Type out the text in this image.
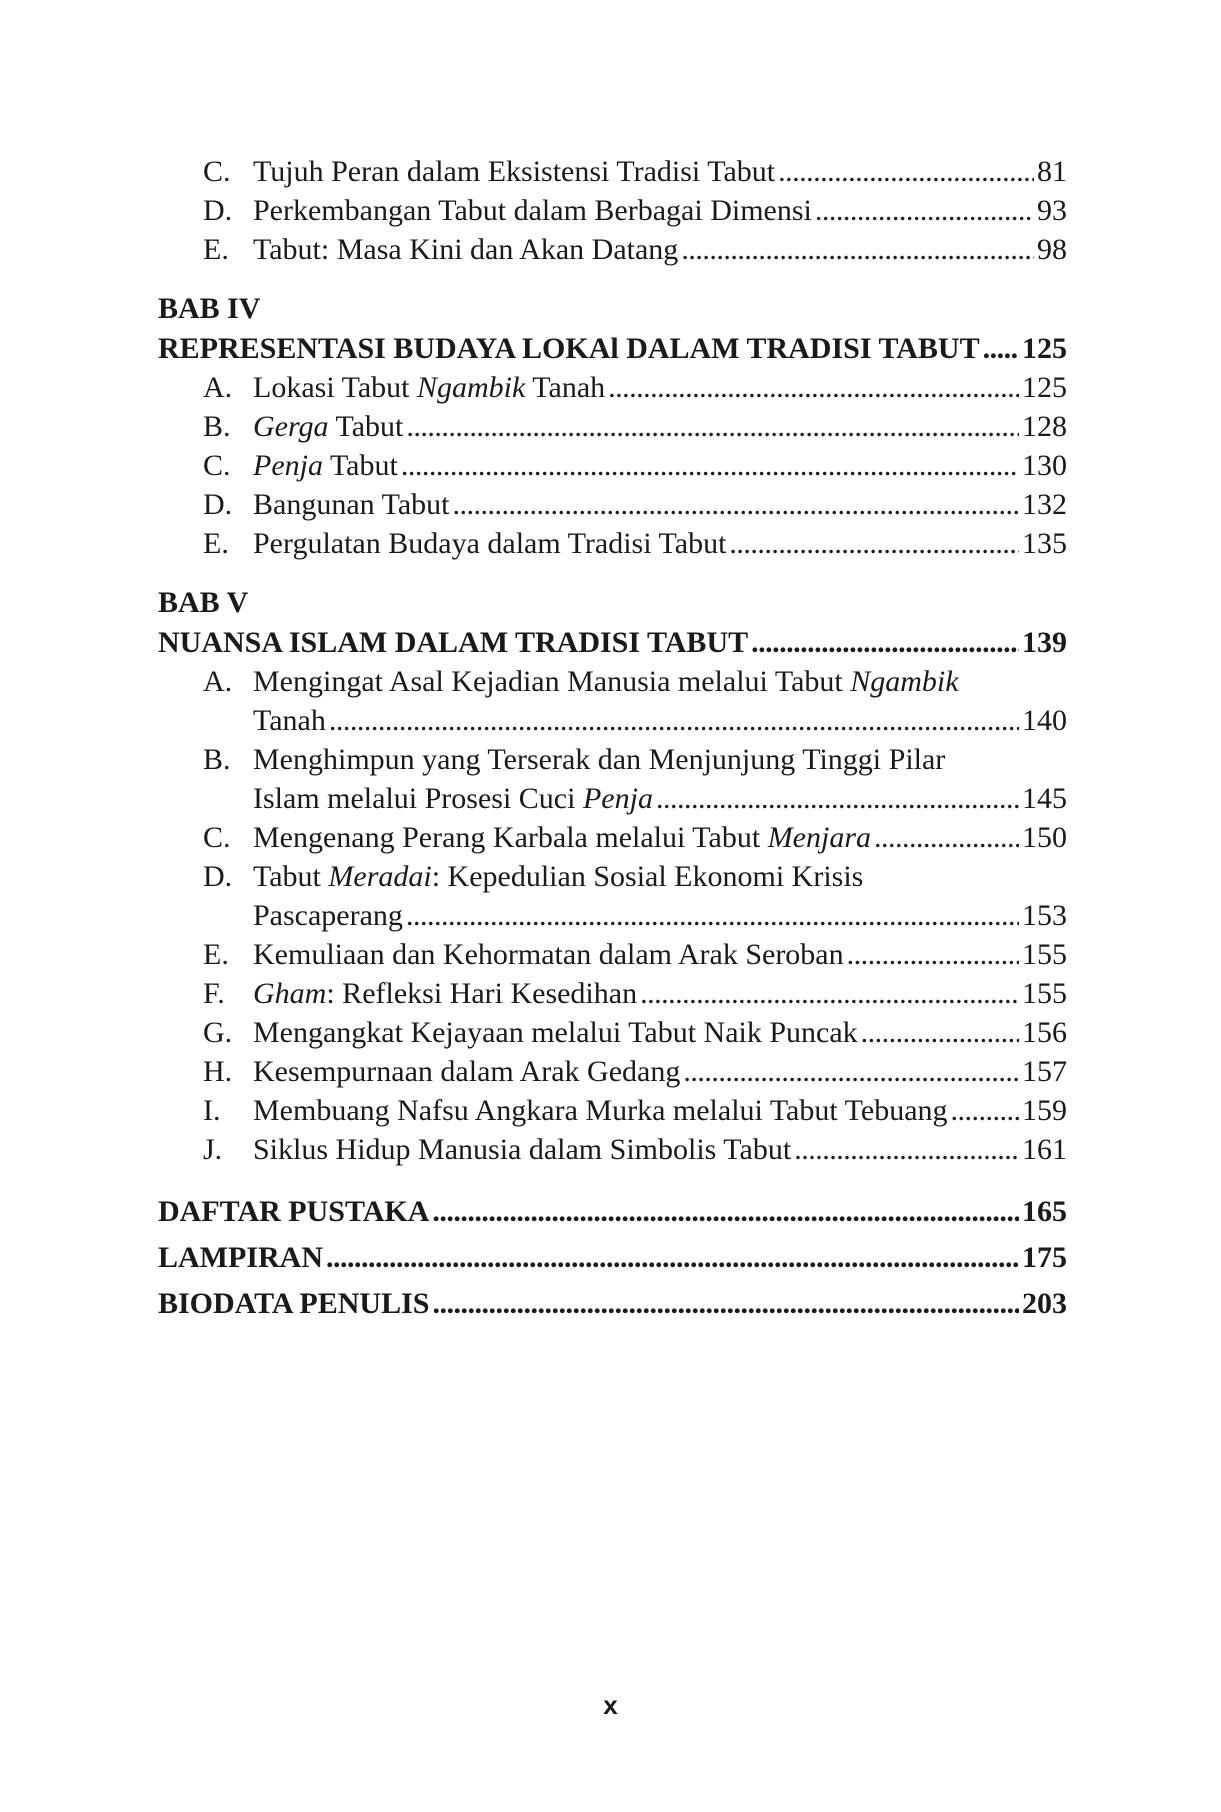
C. Tujuh Peran dalam Eksistensi Tradisi Tabut . . .	81
D. Perkembangan Tabut dalam Berbagai Dimensi . . .	93
E. Tabut: Masa Kini dan Akan Datang . . .	98
BAB IV
REPRESENTASI BUDAYA LOKAl DALAM TRADISI TABUT . . . 125
A. Lokasi Tabut Ngambik Tanah . . .	125
B. Gerga Tabut . . .	128
C. Penja Tabut . . .	130
D. Bangunan Tabut . . .	132
E. Pergulatan Budaya dalam Tradisi Tabut . . .	135
BAB V
NUANSA ISLAM DALAM TRADISI TABUT . . .	139
A. Mengingat Asal Kejadian Manusia melalui Tabut Ngambik
Tanah . . .	140
B. Menghimpun yang Terserak dan Menjunjung Tinggi Pilar
Islam melalui Prosesi Cuci Penja . . .	145
C. Mengenang Perang Karbala melalui Tabut Menjara . . .	150
D. Tabut Meradai: Kepedulian Sosial Ekonomi Krisis
Pascaperang . . .	153
E. Kemuliaan dan Kehormatan dalam Arak Seroban . . .	155
F. Gham: Refleksi Hari Kesedihan . . .	155
G. Mengangkat Kejayaan melalui Tabut Naik Puncak . . .	156
H. Kesempurnaan dalam Arak Gedang . . .	157
I.	Membuang Nafsu Angkara Murka melalui Tabut Tebuang . . . 159
J.	Siklus Hidup Manusia dalam Simbolis Tabut . . .	161
DAFTAR PUSTAKA . . .	165
LAMPIRAN . . .	175
BIODATA PENULIS . . .	203
x
